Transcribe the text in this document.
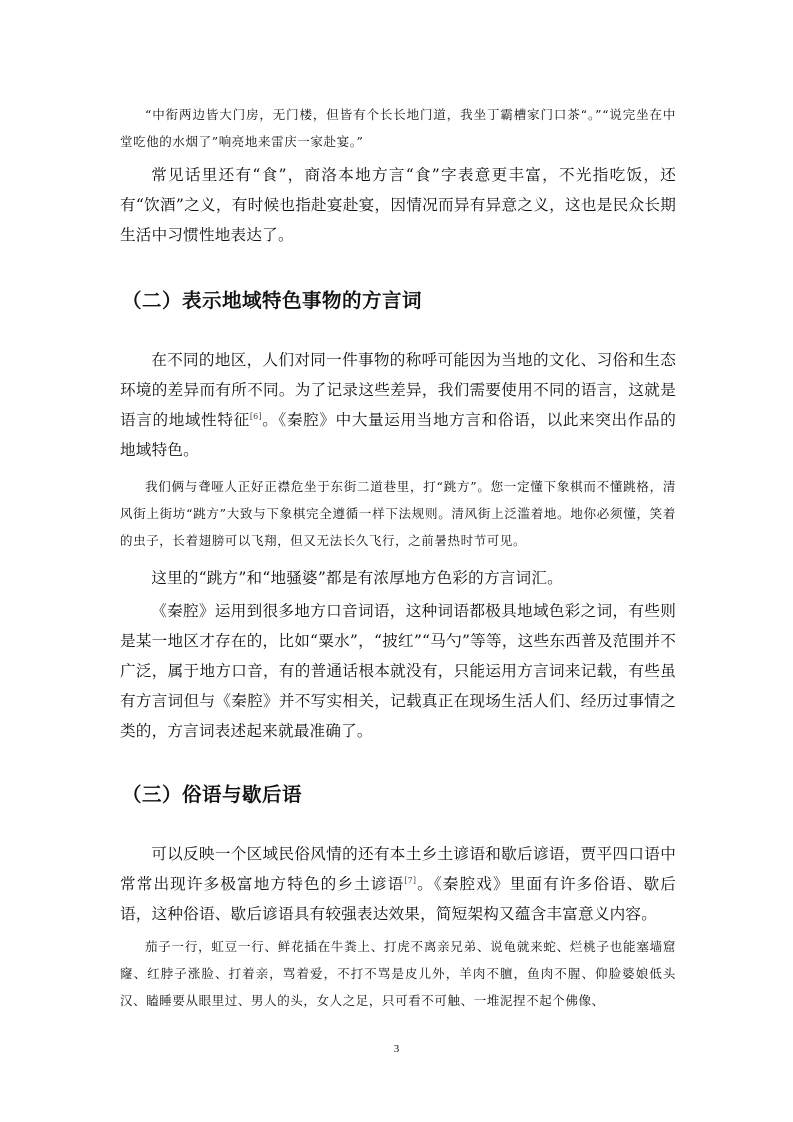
“中衔两边皆大门房，无门楼，但皆有个长长地门道，我坐丁霸槽家门口茶“。”“说完坐在中堂吃他的水烟了”响亮地来雷庆一家赴宴。”

常见话里还有“食”，商洛本地方言“食”字表意更丰富，不光指吃饭，还有“饮酒”之义，有时候也指赴宴赴宴，因情况而异有异意之义，这也是民众长期生活中习惯性地表达了。

（二）表示地域特色事物的方言词

在不同的地区，人们对同一件事物的称呼可能因为当地的文化、习俗和生态环境的差异而有所不同。为了记录这些差异，我们需要使用不同的语言，这就是语言的地域性特征[6]。《秦腔》中大量运用当地方言和俗语，以此来突出作品的地域特色。

我们俩与聋哑人正好正襟危坐于东街二道巷里，打“跳方”。您一定懂下象棋而不懂跳格，清风街上街坊“跳方”大致与下象棋完全遵循一样下法规则。清风街上泛滥着地。地你必须懂，笑着的虫子，长着翅膀可以飞翔，但又无法长久飞行，之前暑热时节可见。

这里的“跳方”和“地骚婆”都是有浓厚地方色彩的方言词汇。

《秦腔》运用到很多地方口音词语，这种词语都极具地域色彩之词，有些则是某一地区才存在的，比如“粟水”，“披红”“马勺”等等，这些东西普及范围并不广泛，属于地方口音，有的普通话根本就没有，只能运用方言词来记载，有些虽有方言词但与《秦腔》并不写实相关，记载真正在现场生活人们、经历过事情之类的，方言词表述起来就最准确了。

（三）俗语与歇后语

可以反映一个区域民俗风情的还有本土乡土谚语和歇后谚语，贾平四口语中常常出现许多极富地方特色的乡土谚语[7]。《秦腔戏》里面有许多俗语、歇后语，这种俗语、歇后谚语具有较强表达效果，简短架构又蕴含丰富意义内容。

茄子一行，虹豆一行、鲜花插在牛粪上、打虎不离亲兄弟、说龟就来蛇、烂桃子也能塞墙窟窿、红脖子涨脸、打着亲，骂着爱，不打不骂是皮儿外，羊肉不膻，鱼肉不腥、仰脸婆娘低头汉、瞌睡要从眼里过、男人的头，女人之足，只可看不可触、一堆泥捏不起个佛像、

3
